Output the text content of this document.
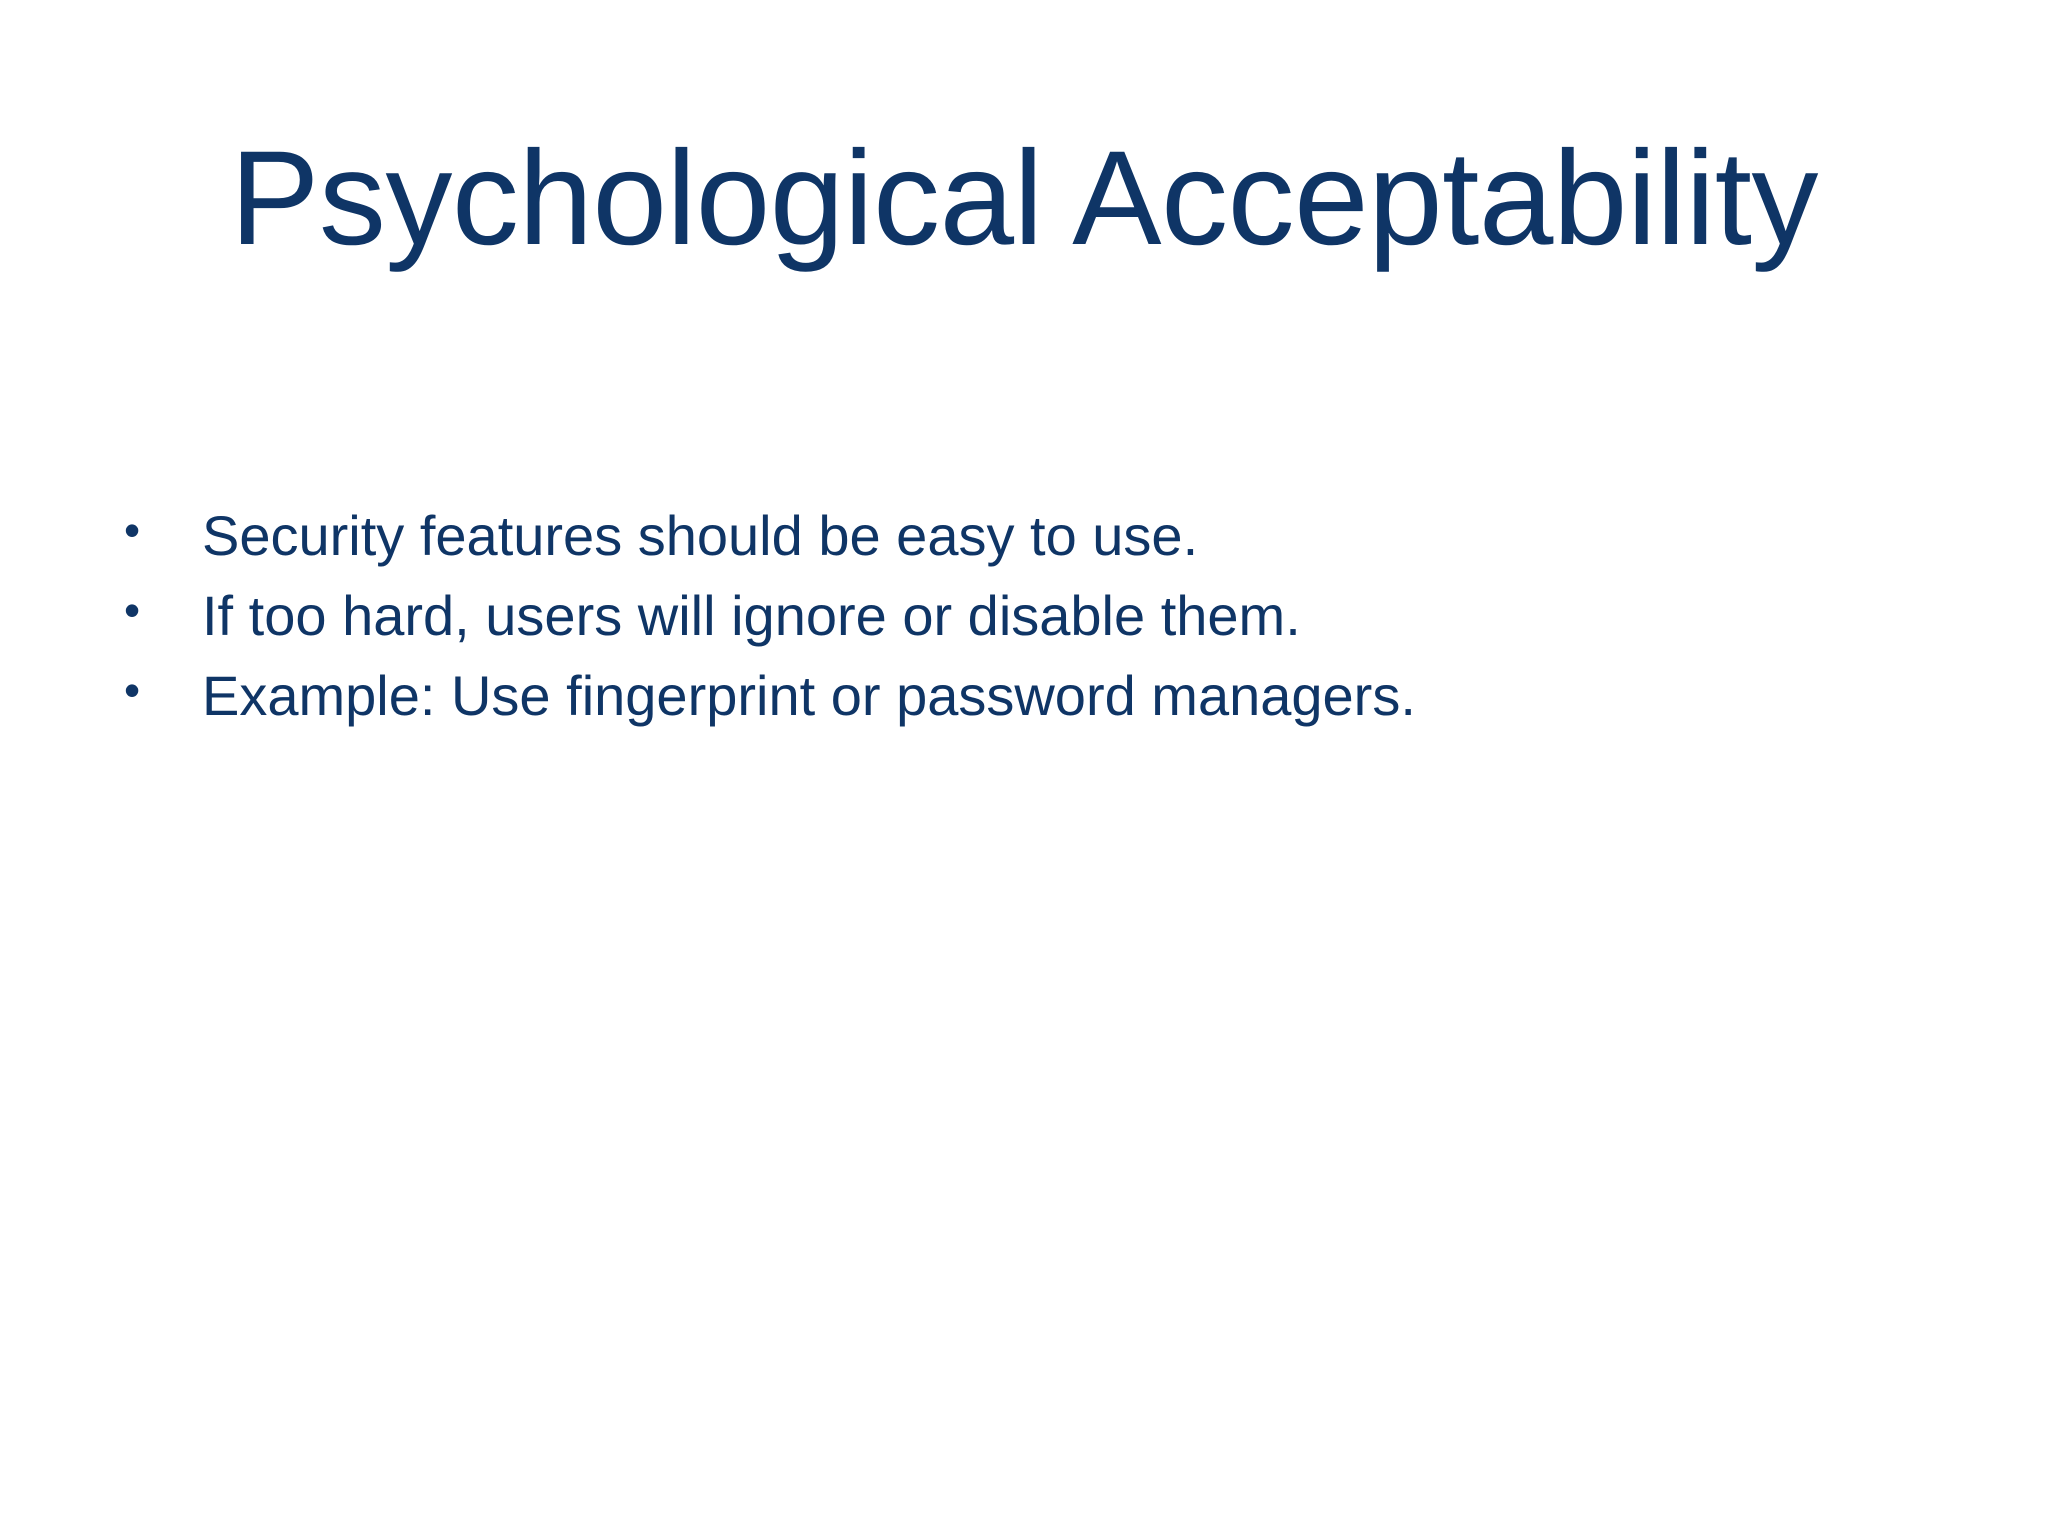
Psychological Acceptability
• Security features should be easy to use.
• If too hard, users will ignore or disable them.
• Example: Use fingerprint or password managers.
